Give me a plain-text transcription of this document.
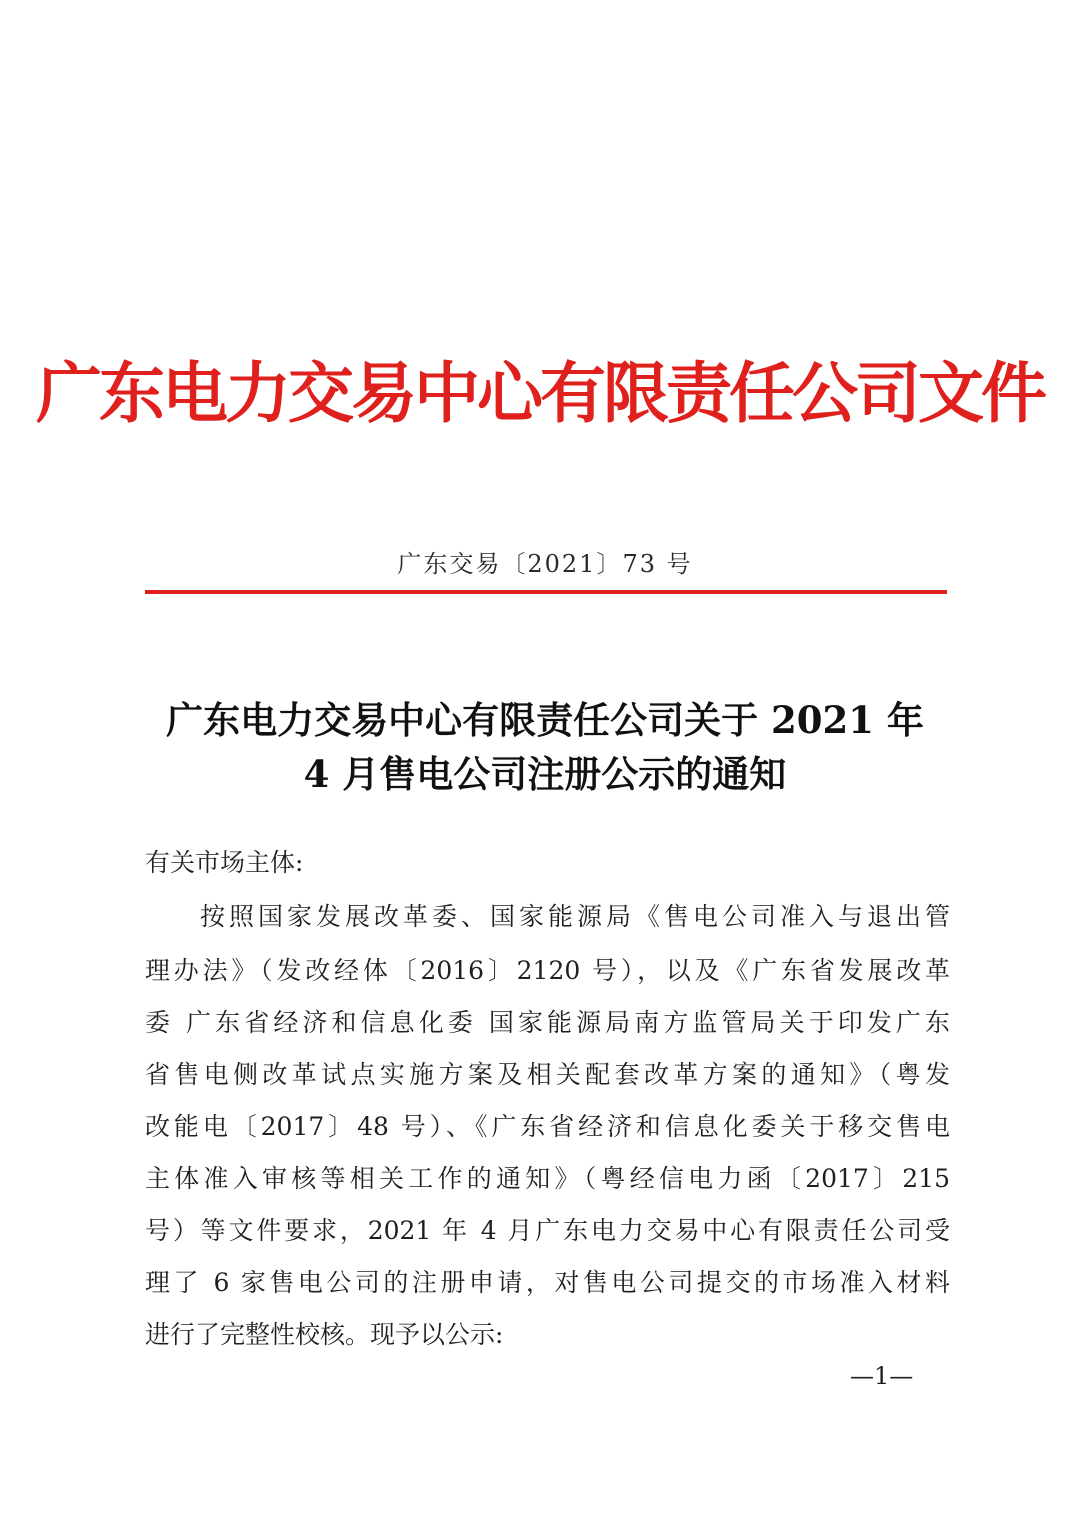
广东电力交易中心有限责任公司文件
广东交易〔2021〕73 号
广东电力交易中心有限责任公司关于 2021 年
4 月售电公司注册公示的通知
有关市场主体:
按照国家发展改革委、国家能源局《售电公司准入与退出管
理办法》（发改经体〔2016〕2120 号），以及《广东省发展改革
委 广东省经济和信息化委 国家能源局南方监管局关于印发广东
省售电侧改革试点实施方案及相关配套改革方案的通知》（粤发
改能电〔2017〕48 号）、《广东省经济和信息化委关于移交售电
主体准入审核等相关工作的通知》（粤经信电力函〔2017〕215
号）等文件要求，2021 年 4 月广东电力交易中心有限责任公司受
理了 6 家售电公司的注册申请，对售电公司提交的市场准入材料
进行了完整性校核。现予以公示:
—1—
